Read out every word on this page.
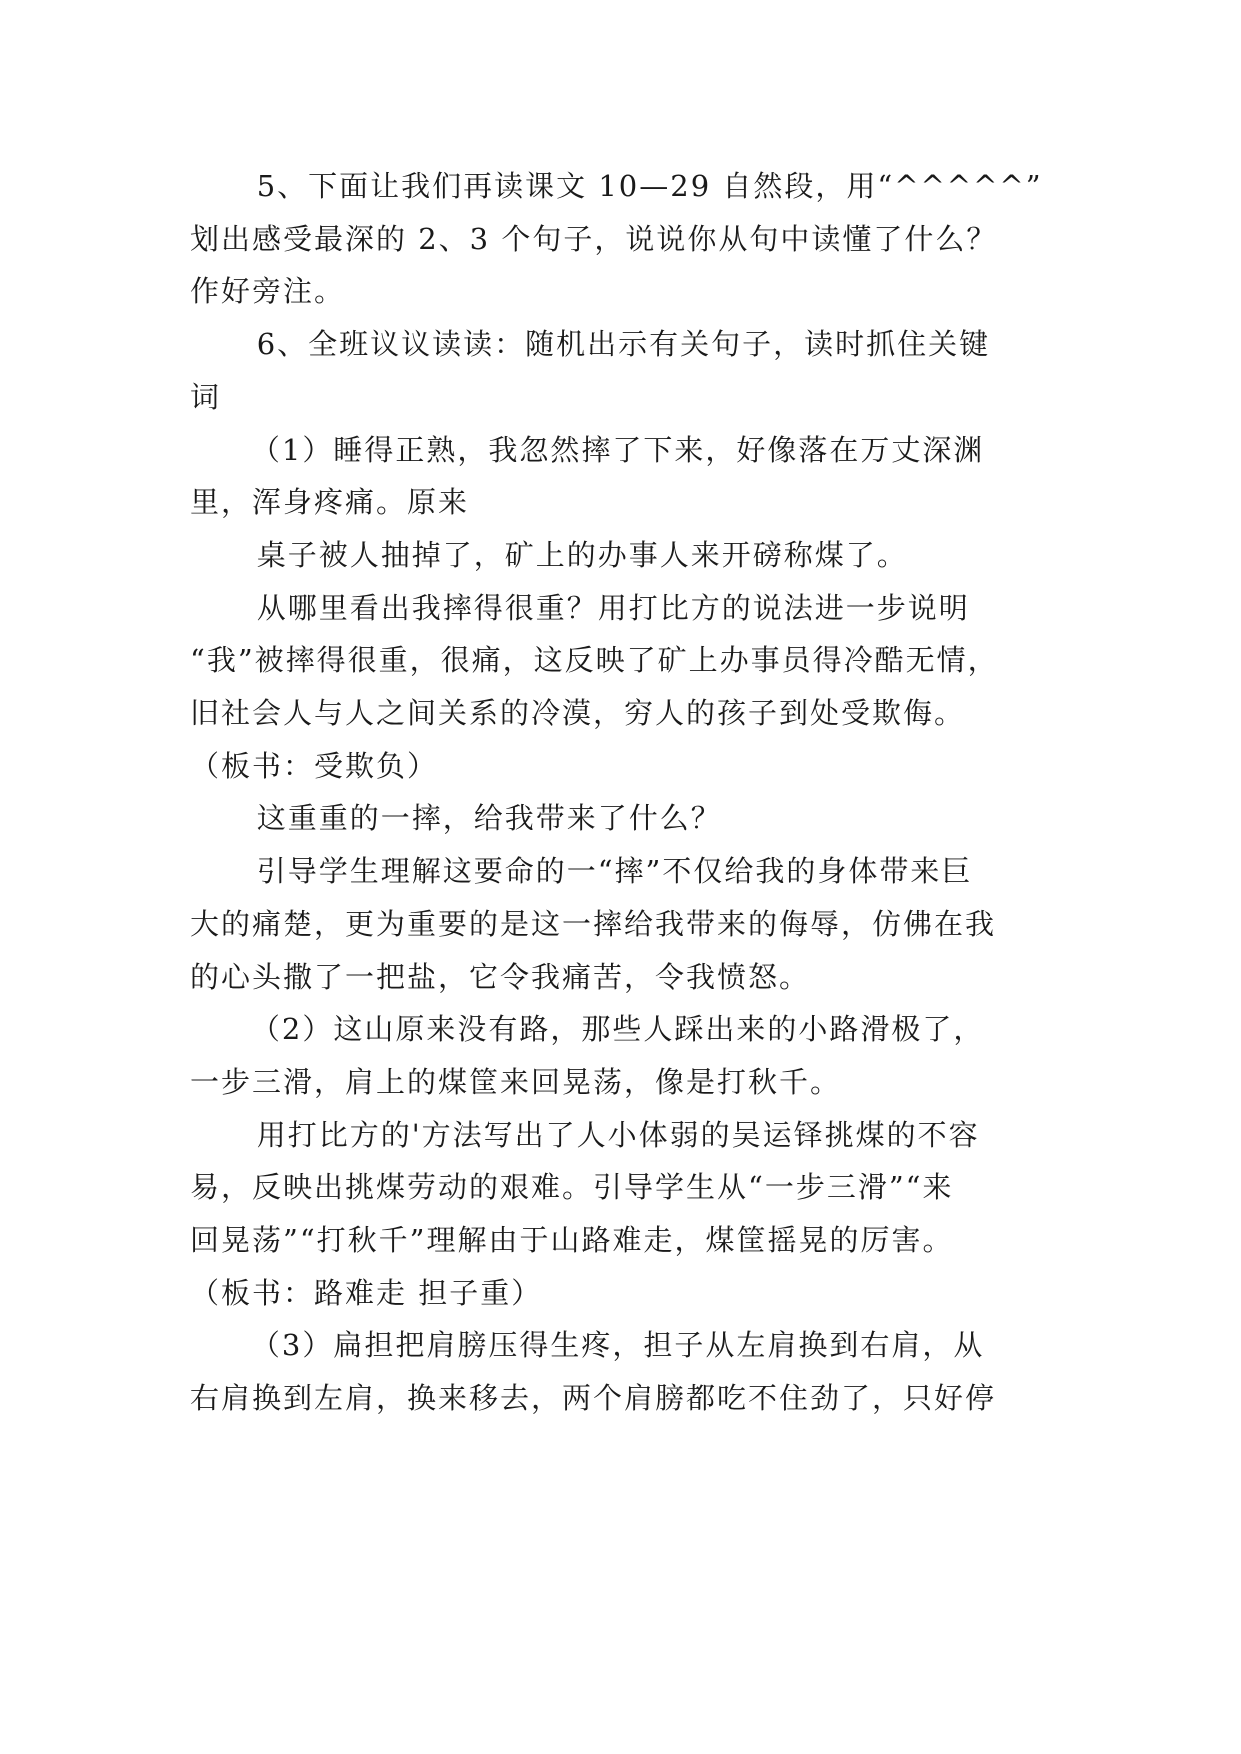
5、下面让我们再读课文 10—29 自然段，用“^^^^^”
划出感受最深的 2、3 个句子，说说你从句中读懂了什么？
作好旁注。
6、全班议议读读：随机出示有关句子，读时抓住关键
词
（1）睡得正熟，我忽然摔了下来，好像落在万丈深渊
里，浑身疼痛。原来
桌子被人抽掉了，矿上的办事人来开磅称煤了。
从哪里看出我摔得很重？用打比方的说法进一步说明
“我”被摔得很重，很痛，这反映了矿上办事员得冷酷无情，
旧社会人与人之间关系的冷漠，穷人的孩子到处受欺侮。
（板书：受欺负）
这重重的一摔，给我带来了什么？
引导学生理解这要命的一“摔”不仅给我的身体带来巨
大的痛楚，更为重要的是这一摔给我带来的侮辱，仿佛在我
的心头撒了一把盐，它令我痛苦，令我愤怒。
（2）这山原来没有路，那些人踩出来的小路滑极了，
一步三滑，肩上的煤筐来回晃荡，像是打秋千。
用打比方的'方法写出了人小体弱的吴运铎挑煤的不容
易，反映出挑煤劳动的艰难。引导学生从“一步三滑”“来
回晃荡”“打秋千”理解由于山路难走，煤筐摇晃的厉害。
（板书：路难走 担子重）
（3）扁担把肩膀压得生疼，担子从左肩换到右肩，从
右肩换到左肩，换来移去，两个肩膀都吃不住劲了，只好停
